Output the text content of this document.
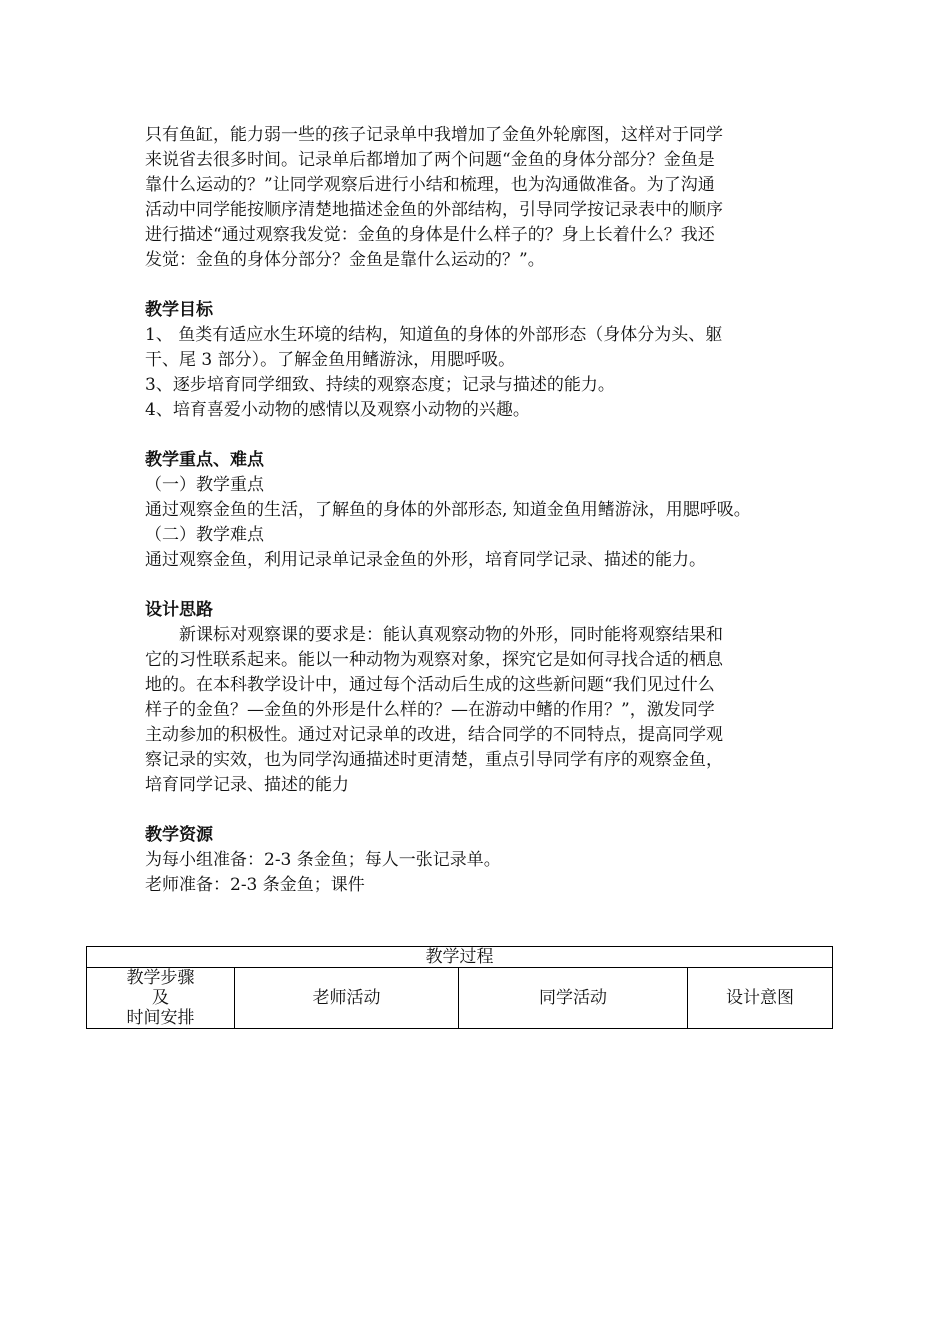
只有鱼缸，能力弱一些的孩子记录单中我增加了金鱼外轮廓图，这样对于同学

来说省去很多时间。记录单后都增加了两个问题“金鱼的身体分部分？金鱼是

靠什么运动的？”让同学观察后进行小结和梳理，也为沟通做准备。为了沟通

活动中同学能按顺序清楚地描述金鱼的外部结构，引导同学按记录表中的顺序

进行描述“通过观察我发觉：金鱼的身体是什么样子的？身上长着什么？我还

发觉：金鱼的身体分部分？金鱼是靠什么运动的？”。

教学目标

1、 鱼类有适应水生环境的结构，知道鱼的身体的外部形态（身体分为头、躯

干、尾 3 部分）。了解金鱼用鳍游泳，用腮呼吸。

3、逐步培育同学细致、持续的观察态度；记录与描述的能力。

4、培育喜爱小动物的感情以及观察小动物的兴趣。

教学重点、难点

（一）教学重点

通过观察金鱼的生活，了解鱼的身体的外部形态, 知道金鱼用鳍游泳，用腮呼吸。

（二）教学难点

通过观察金鱼，利用记录单记录金鱼的外形，培育同学记录、描述的能力。

设计思路

新课标对观察课的要求是：能认真观察动物的外形，同时能将观察结果和

它的习性联系起来。能以一种动物为观察对象，探究它是如何寻找合适的栖息

地的。在本科教学设计中，通过每个活动后生成的这些新问题“我们见过什么

样子的金鱼？—金鱼的外形是什么样的？—在游动中鳍的作用？”，激发同学

主动参加的积极性。通过对记录单的改进，结合同学的不同特点，提高同学观

察记录的实效，也为同学沟通描述时更清楚，重点引导同学有序的观察金鱼，

培育同学记录、描述的能力

教学资源

为每小组准备：2-3 条金鱼；每人一张记录单。

老师准备：2-3 条金鱼；课件

教学过程

教学步骤
及
时间安排
	老师活动	同学活动	设计意图
